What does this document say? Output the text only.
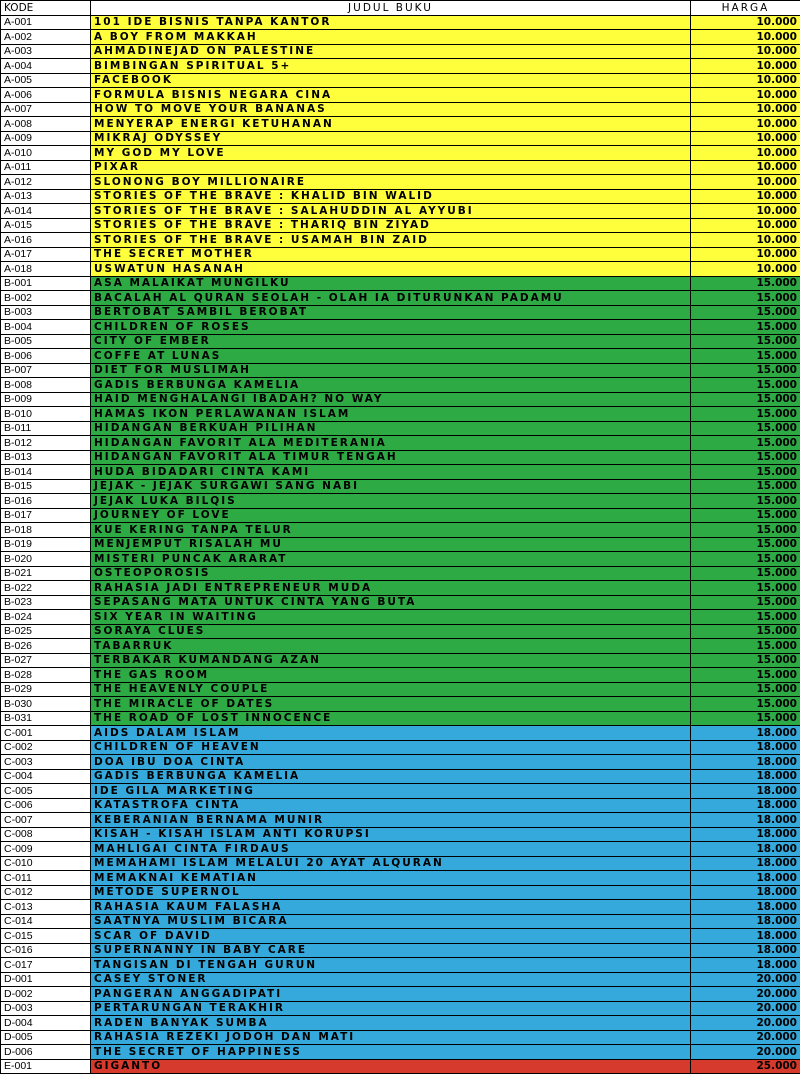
KODE	JUDUL BUKU	HARGA
A-001	101 IDE BISNIS TANPA KANTOR	10.000
A-002	A BOY FROM MAKKAH	10.000
A-003	AHMADINEJAD ON PALESTINE	10.000
A-004	BIMBINGAN SPIRITUAL 5+	10.000
A-005	FACEBOOK	10.000
A-006	FORMULA BISNIS NEGARA CINA	10.000
A-007	HOW TO MOVE YOUR BANANAS	10.000
A-008	MENYERAP ENERGI KETUHANAN	10.000
A-009	MIKRAJ ODYSSEY	10.000
A-010	MY GOD MY LOVE	10.000
A-011	PIXAR	10.000
A-012	SLONONG BOY MILLIONAIRE	10.000
A-013	STORIES OF THE BRAVE : KHALID BIN WALID	10.000
A-014	STORIES OF THE BRAVE : SALAHUDDIN AL AYYUBI	10.000
A-015	STORIES OF THE BRAVE : THARIQ BIN ZIYAD	10.000
A-016	STORIES OF THE BRAVE : USAMAH BIN ZAID	10.000
A-017	THE SECRET MOTHER	10.000
A-018	USWATUN HASANAH	10.000
B-001	ASA MALAIKAT MUNGILKU	15.000
B-002	BACALAH AL QURAN SEOLAH - OLAH IA DITURUNKAN PADAMU	15.000
B-003	BERTOBAT SAMBIL BEROBAT	15.000
B-004	CHILDREN OF ROSES	15.000
B-005	CITY OF EMBER	15.000
B-006	COFFE AT LUNAS	15.000
B-007	DIET FOR MUSLIMAH	15.000
B-008	GADIS BERBUNGA KAMELIA	15.000
B-009	HAID MENGHALANGI IBADAH? NO WAY	15.000
B-010	HAMAS IKON PERLAWANAN ISLAM	15.000
B-011	HIDANGAN BERKUAH PILIHAN	15.000
B-012	HIDANGAN FAVORIT ALA MEDITERANIA	15.000
B-013	HIDANGAN FAVORIT ALA TIMUR TENGAH	15.000
B-014	HUDA BIDADARI CINTA KAMI	15.000
B-015	JEJAK - JEJAK SURGAWI SANG NABI	15.000
B-016	JEJAK LUKA BILQIS	15.000
B-017	JOURNEY OF LOVE	15.000
B-018	KUE KERING TANPA TELUR	15.000
B-019	MENJEMPUT RISALAH MU	15.000
B-020	MISTERI PUNCAK ARARAT	15.000
B-021	OSTEOPOROSIS	15.000
B-022	RAHASIA JADI ENTREPRENEUR MUDA	15.000
B-023	SEPASANG MATA UNTUK CINTA YANG BUTA	15.000
B-024	SIX YEAR IN WAITING	15.000
B-025	SORAYA CLUES	15.000
B-026	TABARRUK	15.000
B-027	TERBAKAR KUMANDANG AZAN	15.000
B-028	THE GAS ROOM	15.000
B-029	THE HEAVENLY COUPLE	15.000
B-030	THE MIRACLE OF DATES	15.000
B-031	THE ROAD OF LOST INNOCENCE	15.000
C-001	AIDS DALAM ISLAM	18.000
C-002	CHILDREN OF HEAVEN	18.000
C-003	DOA IBU DOA CINTA	18.000
C-004	GADIS BERBUNGA KAMELIA	18.000
C-005	IDE GILA MARKETING	18.000
C-006	KATASTROFA CINTA	18.000
C-007	KEBERANIAN BERNAMA MUNIR	18.000
C-008	KISAH - KISAH ISLAM ANTI KORUPSI	18.000
C-009	MAHLIGAI CINTA FIRDAUS	18.000
C-010	MEMAHAMI ISLAM MELALUI 20 AYAT ALQURAN	18.000
C-011	MEMAKNAI KEMATIAN	18.000
C-012	METODE SUPERNOL	18.000
C-013	RAHASIA KAUM FALASHA	18.000
C-014	SAATNYA MUSLIM BICARA	18.000
C-015	SCAR OF DAVID	18.000
C-016	SUPERNANNY IN BABY CARE	18.000
C-017	TANGISAN DI TENGAH GURUN	18.000
D-001	CASEY STONER	20.000
D-002	PANGERAN ANGGADIPATI	20.000
D-003	PERTARUNGAN TERAKHIR	20.000
D-004	RADEN BANYAK SUMBA	20.000
D-005	RAHASIA REZEKI JODOH DAN MATI	20.000
D-006	THE SECRET OF HAPPINESS	20.000
E-001	GIGANTO	25.000
